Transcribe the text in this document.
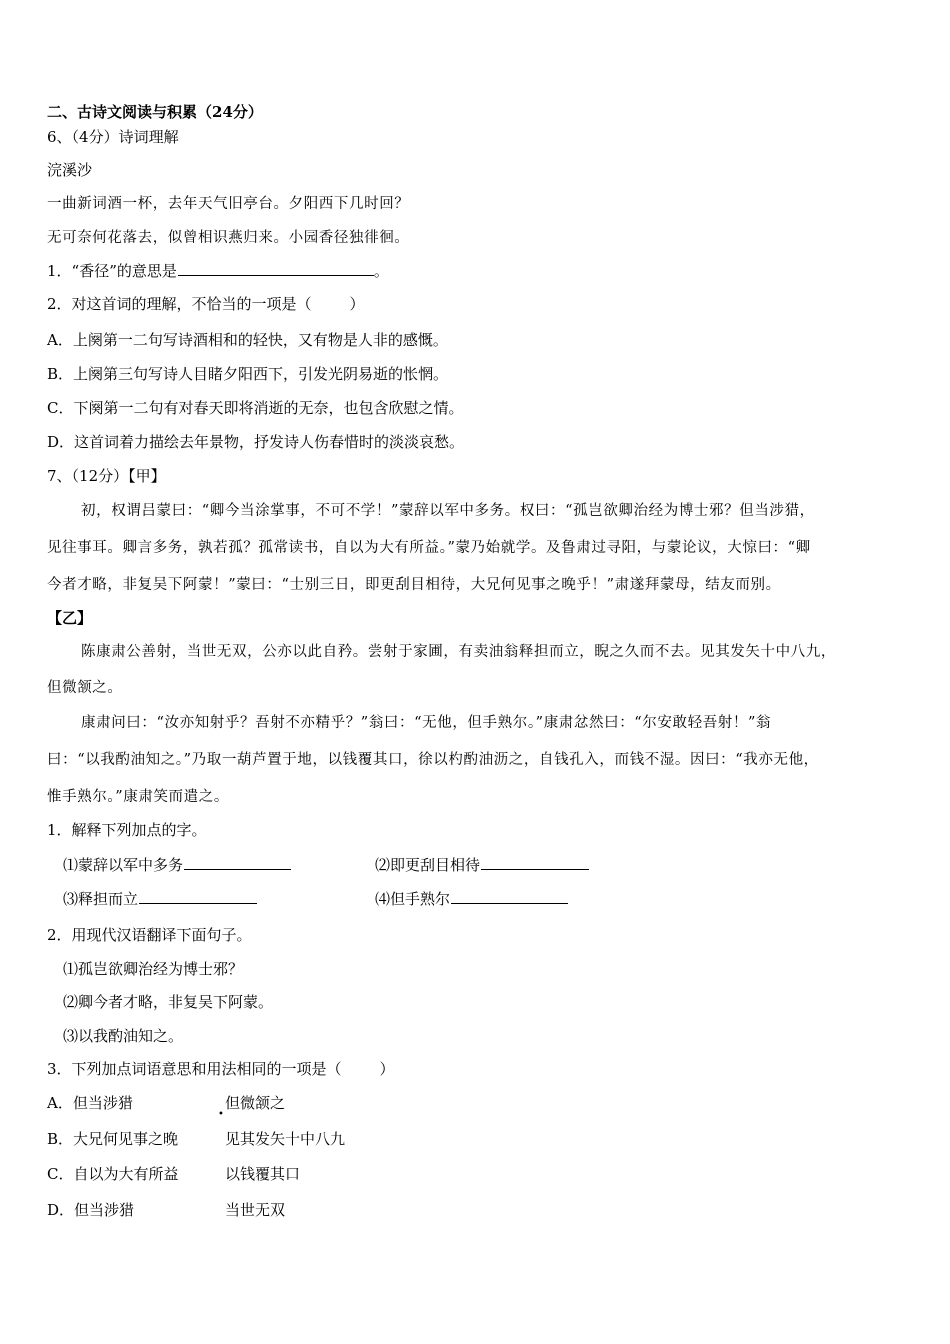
二、古诗文阅读与积累（24分）
6、（4分）诗词理解
浣溪沙
一曲新词酒一杯，去年天气旧亭台。夕阳西下几时回？
无可奈何花落去，似曾相识燕归来。小园香径独徘徊。
1．“香径”的意思是	。
2．对这首词的理解，不恰当的一项是（	）
A．上阕第一二句写诗酒相和的轻快，又有物是人非的感慨。
B．上阕第三句写诗人目睹夕阳西下，引发光阴易逝的怅惘。
C．下阕第一二句有对春天即将消逝的无奈，也包含欣慰之情。
D．这首词着力描绘去年景物，抒发诗人伤春惜时的淡淡哀愁。
7、（12分）【甲】
初，权谓吕蒙曰：“卿今当涂掌事，不可不学！”蒙辞以军中多务。权曰：“孤岂欲卿治经为博士邪？但当涉猎，
见往事耳。卿言多务，孰若孤？孤常读书，自以为大有所益。”蒙乃始就学。及鲁肃过寻阳，与蒙论议，大惊曰：“卿
今者才略，非复吴下阿蒙！”蒙曰：“士别三日，即更刮目相待，大兄何见事之晚乎！”肃遂拜蒙母，结友而别。
【乙】
陈康肃公善射，当世无双，公亦以此自矜。尝射于家圃，有卖油翁释担而立，睨之久而不去。见其发矢十中八九，
但微颔之。
康肃问曰：“汝亦知射乎？吾射不亦精乎？”翁曰：“无他，但手熟尔。”康肃忿然曰：“尔安敢轻吾射！”翁
曰：“以我酌油知之。”乃取一葫芦置于地，以钱覆其口，徐以杓酌油沥之，自钱孔入，而钱不湿。因曰：“我亦无他，
惟手熟尔。”康肃笑而遣之。
1．解释下列加点的字。
⑴蒙辞以军中多务	⑵即更刮目相待
⑶释担而立	⑷但手熟尔
2．用现代汉语翻译下面句子。
⑴孤岂欲卿治经为博士邪？
⑵卿今者才略，非复吴下阿蒙。
⑶以我酌油知之。
3．下列加点词语意思和用法相同的一项是（	）
A．但当涉猎	但微颔之
•
B．大兄何见事之晚	见其发矢十中八九
C．自以为大有所益	以钱覆其口
D．但当涉猎	当世无双
